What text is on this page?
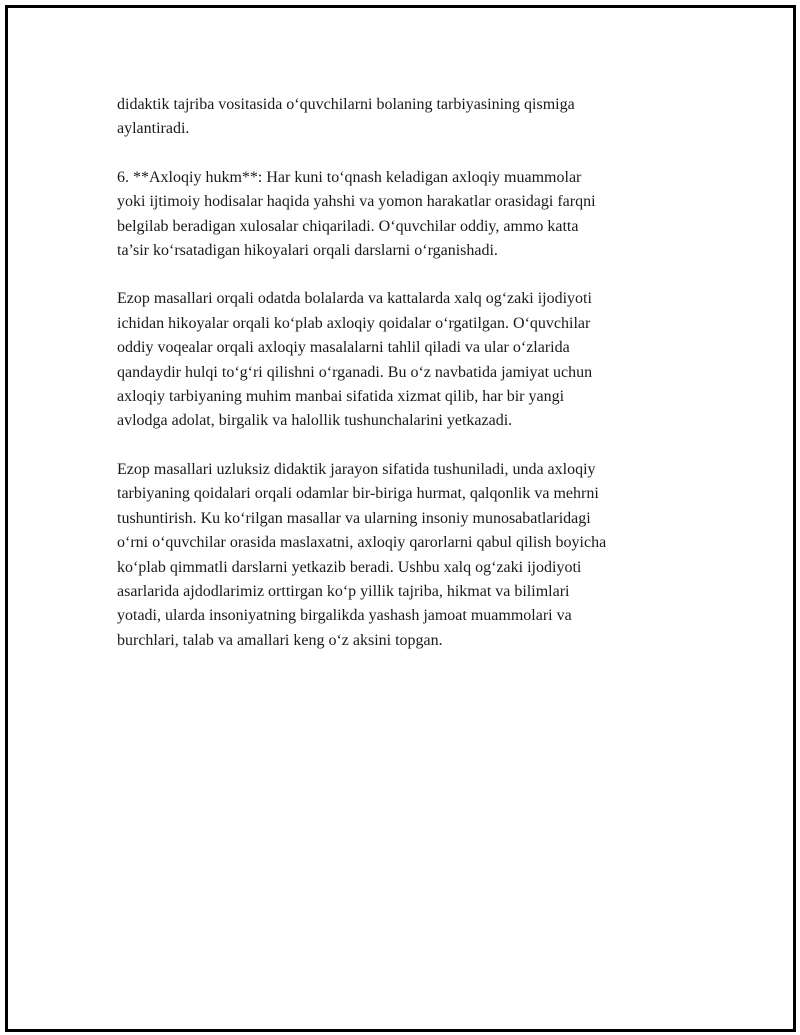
didaktik tajriba vositasida o‘quvchilarni bolaning tarbiyasining qismiga
aylantiradi.

6. **Axloqiy hukm**: Har kuni to‘qnash keladigan axloqiy muammolar
yoki ijtimoiy hodisalar haqida yahshi va yomon harakatlar orasidagi farqni
belgilab beradigan xulosalar chiqariladi. O‘quvchilar oddiy, ammo katta
ta’sir ko‘rsatadigan hikoyalari orqali darslarni o‘rganishadi.

Ezop masallari orqali odatda bolalarda va kattalarda xalq og‘zaki ijodiyoti
ichidan hikoyalar orqali ko‘plab axloqiy qoidalar o‘rgatilgan. O‘quvchilar
oddiy voqealar orqali axloqiy masalalarni tahlil qiladi va ular o‘zlarida
qandaydir hulqi to‘g‘ri qilishni o‘rganadi. Bu o‘z navbatida jamiyat uchun
axloqiy tarbiyaning muhim manbai sifatida xizmat qilib, har bir yangi
avlodga adolat, birgalik va halollik tushunchalarini yetkazadi.

Ezop masallari uzluksiz didaktik jarayon sifatida tushuniladi, unda axloqiy
tarbiyaning qoidalari orqali odamlar bir-biriga hurmat, qalqonlik va mehrni
tushuntirish. Ku ko‘rilgan masallar va ularning insoniy munosabatlaridagi
o‘rni o‘quvchilar orasida maslaxatni, axloqiy qarorlarni qabul qilish boyicha
ko‘plab qimmatli darslarni yetkazib beradi. Ushbu xalq og‘zaki ijodiyoti
asarlarida ajdodlarimiz orttirgan ko‘p yillik tajriba, hikmat va bilimlari
yotadi, ularda insoniyatning birgalikda yashash jamoat muammolari va
burchlari, talab va amallari keng o‘z aksini topgan.
